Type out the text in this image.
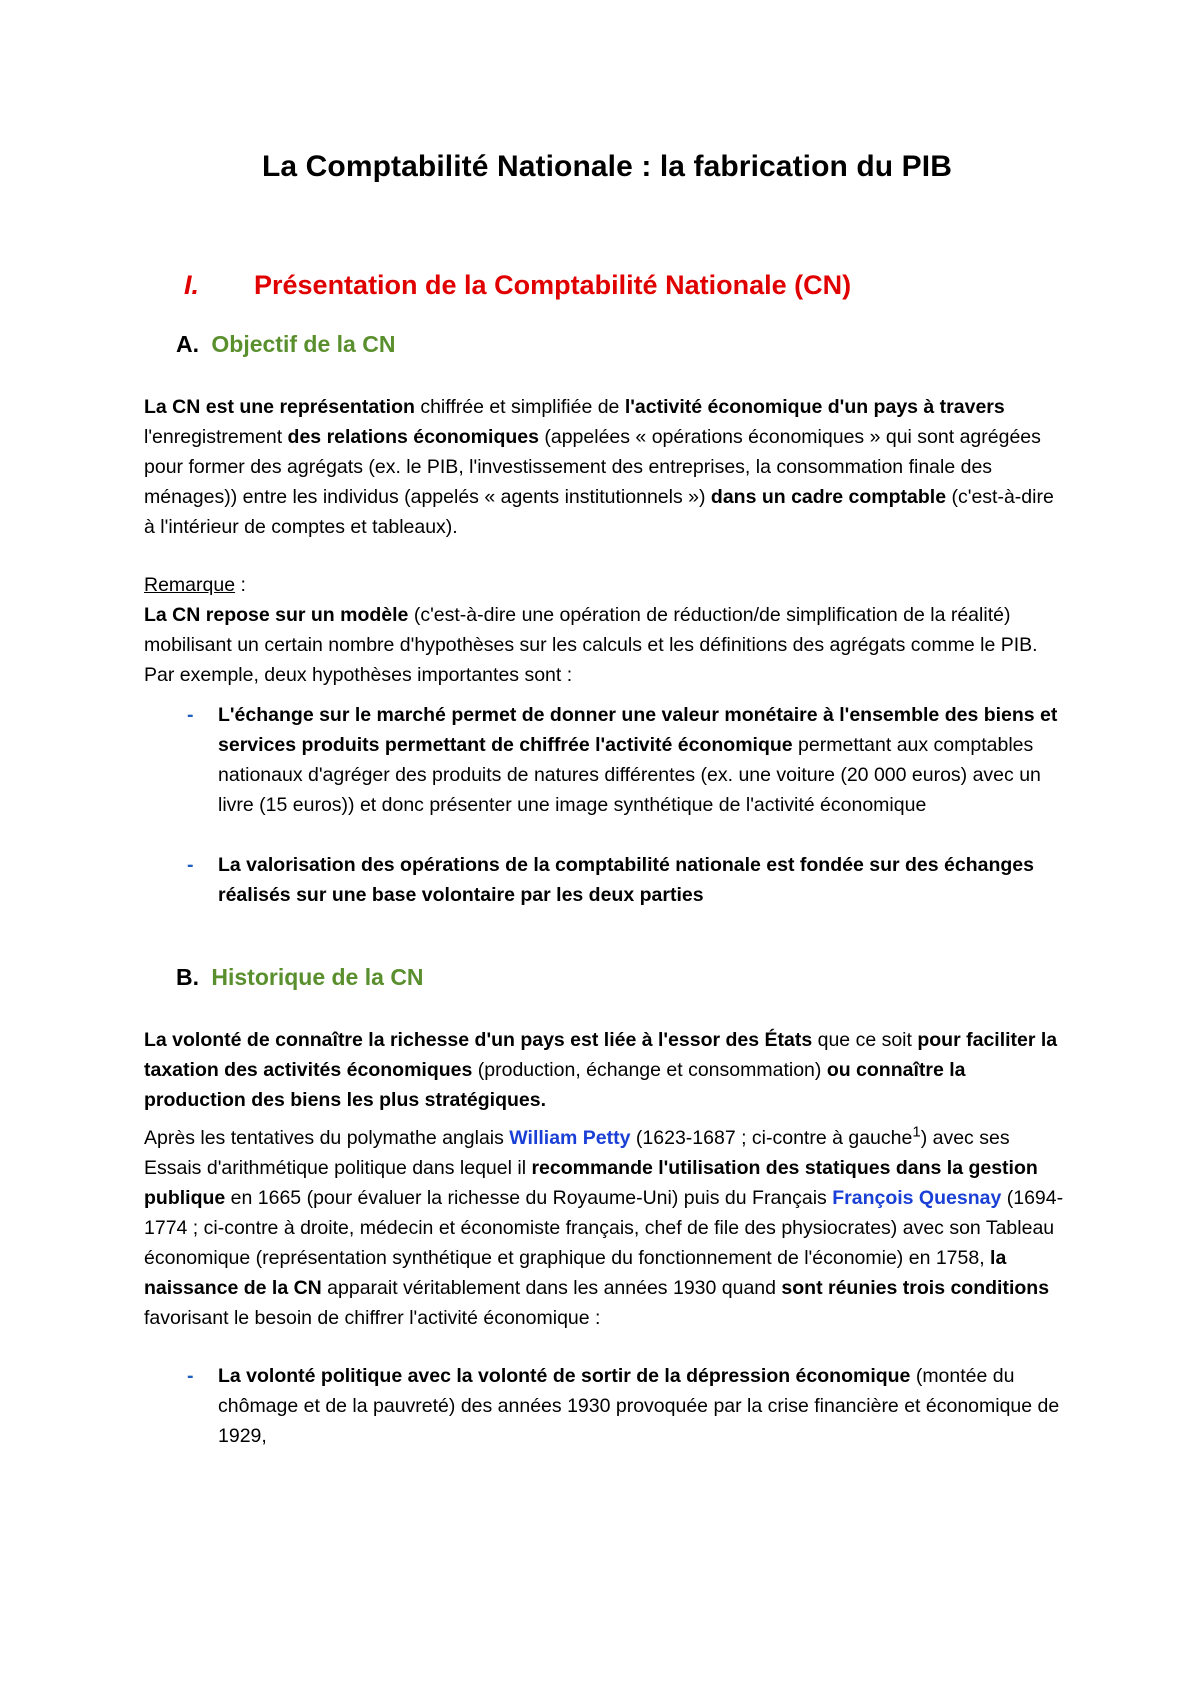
La Comptabilité Nationale : la fabrication du PIB
I.	Présentation de la Comptabilité Nationale (CN)
A. Objectif de la CN

La CN est une représentation chiffrée et simplifiée de l'activité économique d'un pays à travers l'enregistrement des relations économiques (appelées « opérations économiques » qui sont agrégées pour former des agrégats (ex. le PIB, l'investissement des entreprises, la consommation finale des ménages)) entre les individus (appelés « agents institutionnels ») dans un cadre comptable (c'est-à-dire à l'intérieur de comptes et tableaux).

Remarque :

La CN repose sur un modèle (c'est-à-dire une opération de réduction/de simplification de la réalité) mobilisant un certain nombre d'hypothèses sur les calculs et les définitions des agrégats comme le PIB. Par exemple, deux hypothèses importantes sont :

- L'échange sur le marché permet de donner une valeur monétaire à l'ensemble des biens et services produits permettant de chiffrée l'activité économique permettant aux comptables nationaux d'agréger des produits de natures différentes (ex. une voiture (20 000 euros) avec un livre (15 euros)) et donc présenter une image synthétique de l'activité économique
- La valorisation des opérations de la comptabilité nationale est fondée sur des échanges réalisés sur une base volontaire par les deux parties
B. Historique de la CN

La volonté de connaître la richesse d'un pays est liée à l'essor des États que ce soit pour faciliter la taxation des activités économiques (production, échange et consommation) ou connaître la production des biens les plus stratégiques.

Après les tentatives du polymathe anglais William Petty (1623-1687 ; ci-contre à gauche$^1$) avec ses Essais d'arithmétique politique dans lequel il recommande l'utilisation des statiques dans la gestion publique en 1665 (pour évaluer la richesse du Royaume-Uni) puis du Français François Quesnay (1694-1774 ; ci-contre à droite, médecin et économiste français, chef de file des physiocrates) avec son Tableau économique (représentation synthétique et graphique du fonctionnement de l'économie) en 1758, la naissance de la CN apparait véritablement dans les années 1930 quand sont réunies trois conditions favorisant le besoin de chiffrer l'activité économique :

- La volonté politique avec la volonté de sortir de la dépression économique (montée du chômage et de la pauvreté) des années 1930 provoquée par la crise financière et économique de 1929,
